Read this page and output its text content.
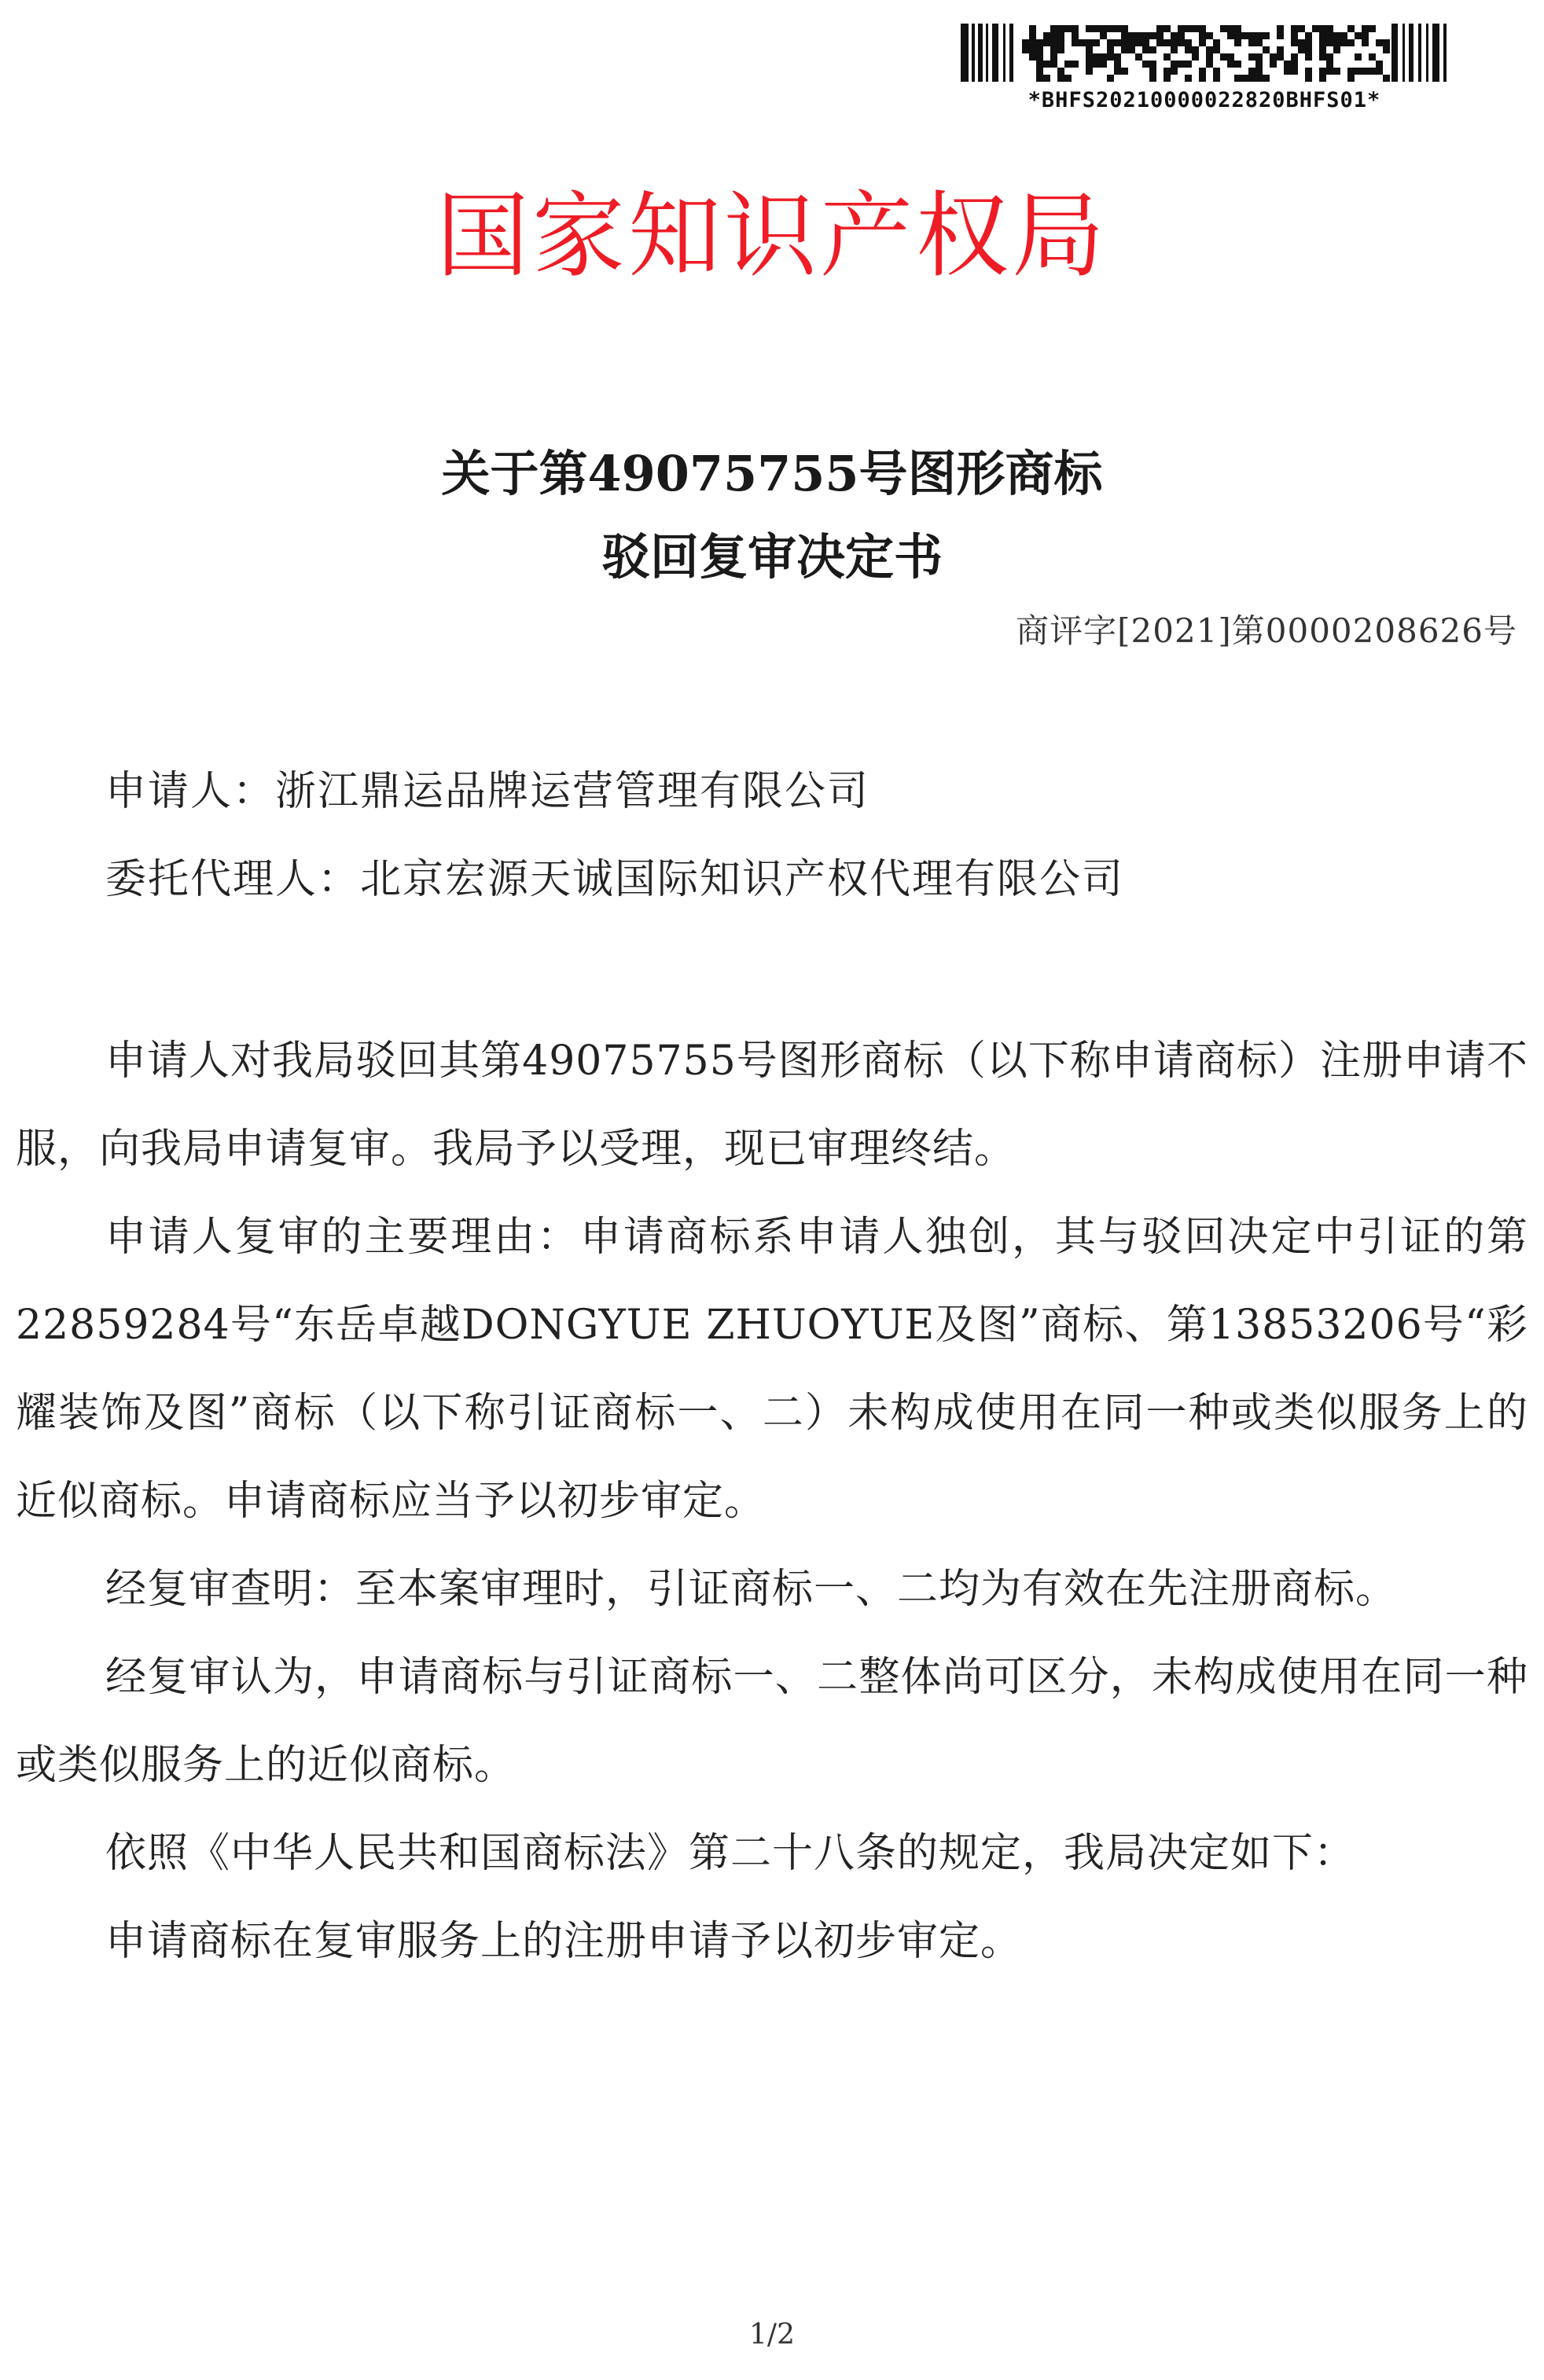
*BHFS20210000022820BHFS01*
国家知识产权局
关于第49075755号图形商标
驳回复审决定书
商评字[2021]第0000208626号
申请人：浙江鼎运品牌运营管理有限公司
委托代理人：北京宏源天诚国际知识产权代理有限公司

申请人对我局驳回其第49075755号图形商标（以下称申请商标）注册申请不服，向我局申请复审。我局予以受理，现已审理终结。

申请人复审的主要理由：申请商标系申请人独创，其与驳回决定中引证的第22859284号“东岳卓越DONGYUE ZHUOYUE及图”商标、第13853206号“彩耀装饰及图”商标（以下称引证商标一、二）未构成使用在同一种或类似服务上的近似商标。申请商标应当予以初步审定。

经复审查明：至本案审理时，引证商标一、二均为有效在先注册商标。

经复审认为，申请商标与引证商标一、二整体尚可区分，未构成使用在同一种或类似服务上的近似商标。

依照《中华人民共和国商标法》第二十八条的规定，我局决定如下：

申请商标在复审服务上的注册申请予以初步审定。

1/2
